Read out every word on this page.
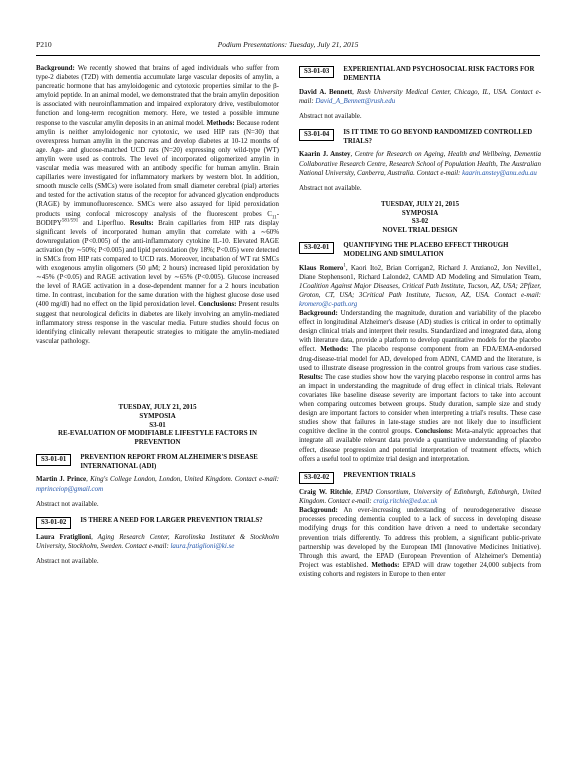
P210	Podium Presentations: Tuesday, July 21, 2015

Background: We recently showed that brains of aged individuals who suffer from type-2 diabetes (T2D) with dementia accumulate large vascular deposits of amylin, a pancreatic hormone that has amyloidogenic and cytotoxic properties similar to the β-amyloid peptide. In an animal model, we demonstrated that the brain amylin deposition is associated with neuroinflammation and impaired exploratory drive, vestibulomotor function and long-term recognition memory. Here, we tested a possible immune response to the vascular amylin deposits in an animal model. Methods: Because rodent amylin is neither amyloidogenic nor cytotoxic, we used HIP rats (N=30) that overexpress human amylin in the pancreas and develop diabetes at 10-12 months of age. Age- and glucose-matched UCD rats (N=20) expressing only wild-type (WT) amylin were used as controls. The level of incorporated oligomerized amylin in vascular media was measured with an antibody specific for human amylin. Brain capillaries were investigated for inflammatory markers by western blot. In addition, smooth muscle cells (SMCs) were isolated from small diameter cerebral (pial) arteries and tested for the activation status of the receptor for advanced glycation endproducts (RAGE) by immunofluorescence. SMCs were also assayed for lipid peroxidation products using confocal microscopy analysis of the fluorescent probes $C_{11}-BODIPY^{581/591}$ and Liperfluo. Results: Brain capillaries from HIP rats display significant levels of incorporated human amylin that correlate with a ∼60% downregulation (P<0.005) of the anti-inflammatory cytokine IL-10. Elevated RAGE activation (by ∼50%; P<0.005) and lipid peroxidation (by 18%; P<0.05) were detected in SMCs from HIP rats compared to UCD rats. Moreover, incubation of WT rat SMCs with exogenous amylin oligomers (50 μM; 2 hours) increased lipid peroxidation by ∼45% (P<0.05) and RAGE activation level by ∼65% (P<0.005). Glucose increased the level of RAGE activation in a dose-dependent manner for a 2 hours incubation time. In contrast, incubation for the same duration with the highest glucose dose used (400 mg/dl) had no effect on the lipid peroxidation level. Conclusions: Present results suggest that neurological deficits in diabetes are likely involving an amylin-mediated inflammatory stress response in the vascular media. Future studies should focus on identifying clinically relevant therapeutic strategies to mitigate the amylin-mediated vascular pathology.

TUESDAY, JULY 21, 2015
SYMPOSIA
S3-01
RE-EVALUATION OF MODIFIABLE LIFESTYLE FACTORS IN PREVENTION
S3-01-01	PREVENTION REPORT FROM ALZHEIMER'S DISEASE INTERNATIONAL (ADI)

Martin J. Prince, King's College London, London, United Kingdom. Contact e-mail: mprinceiop@gmail.com

Abstract not available.

S3-01-02	IS THERE A NEED FOR LARGER PREVENTION TRIALS?

Laura Fratiglioni, Aging Research Center, Karolinska Institutet & Stockholm University, Stockholm, Sweden. Contact e-mail: laura.fratiglioni@ki.se

Abstract not available.

S3-01-03	EXPERIENTIAL AND PSYCHOSOCIAL RISK FACTORS FOR DEMENTIA

David A. Bennett, Rush University Medical Center, Chicago, IL, USA. Contact e-mail: David_A_Bennett@rush.edu

Abstract not available.

S3-01-04	IS IT TIME TO GO BEYOND RANDOMIZED CONTROLLED TRIALS?

Kaarin J. Anstey, Centre for Research on Ageing, Health and Wellbeing, Dementia Collaborative Research Centre, Research School of Population Health, The Australian National University, Canberra, Australia. Contact e-mail: kaarin.anstey@anu.edu.au

Abstract not available.

TUESDAY, JULY 21, 2015
SYMPOSIA
S3-02
NOVEL TRIAL DESIGN
S3-02-01	QUANTIFYING THE PLACEBO EFFECT THROUGH MODELING AND SIMULATION

Klaus Romero$^1$, Kaori Ito2, Brian Corrigan2, Richard J. Anziano2, Jon Neville1, Diane Stephenson1, Richard Lalonde2, CAMD AD Modeling and Simulation Team, 1Coalition Against Major Diseases, Critical Path Institute, Tucson, AZ, USA; 2Pfizer, Groton, CT, USA; 3Critical Path Institute, Tucson, AZ, USA. Contact e-mail: kromero@c-path.org

Background: Understanding the magnitude, duration and variability of the placebo effect in longitudinal Alzheimer's disease (AD) studies is critical in order to optimally design clinical trials and interpret their results. Standardized and integrated data, along with literature data, provide a platform to develop quantitative models for the placebo effect. Methods: The placebo response component from an FDA/EMA-endorsed drug-disease-trial model for AD, developed from ADNI, CAMD and the literature, is used to illustrate disease progression in the control groups from various case studies. Results: The case studies show how the varying placebo response in control arms has an impact in understanding the magnitude of drug effect in clinical trials. Relevant covariates like baseline disease severity are important factors to take into account when comparing outcomes between groups. Study duration, sample size and study design are important factors to consider when interpreting a trial's results. These case studies show that failures in late-stage studies are not likely due to insufficient cognitive decline in the control groups. Conclusions: Meta-analytic approaches that integrate all available relevant data provide a quantitative understanding of placebo effect, disease progression and potential interpretation of treatment effects, which offers a useful tool to optimize trial design and interpretation.

S3-02-02	PREVENTION TRIALS

Craig W. Ritchie, EPAD Consortium, University of Edinburgh, Edinburgh, United Kingdom. Contact e-mail: craig.ritchie@ed.ac.uk

Background: An ever-increasing understanding of neurodegenerative disease processes preceding dementia coupled to a lack of success in developing disease modifying drugs for this condition have driven a need to undertake secondary prevention trials differently. To address this problem, a significant public-private partnership was developed by the European IMI (Innovative Medicines Initiative). Through this award, the EPAD (European Prevention of Alzheimer's Dementia) Project was established. Methods: EPAD will draw together 24,000 subjects from existing cohorts and registers in Europe to then enter
